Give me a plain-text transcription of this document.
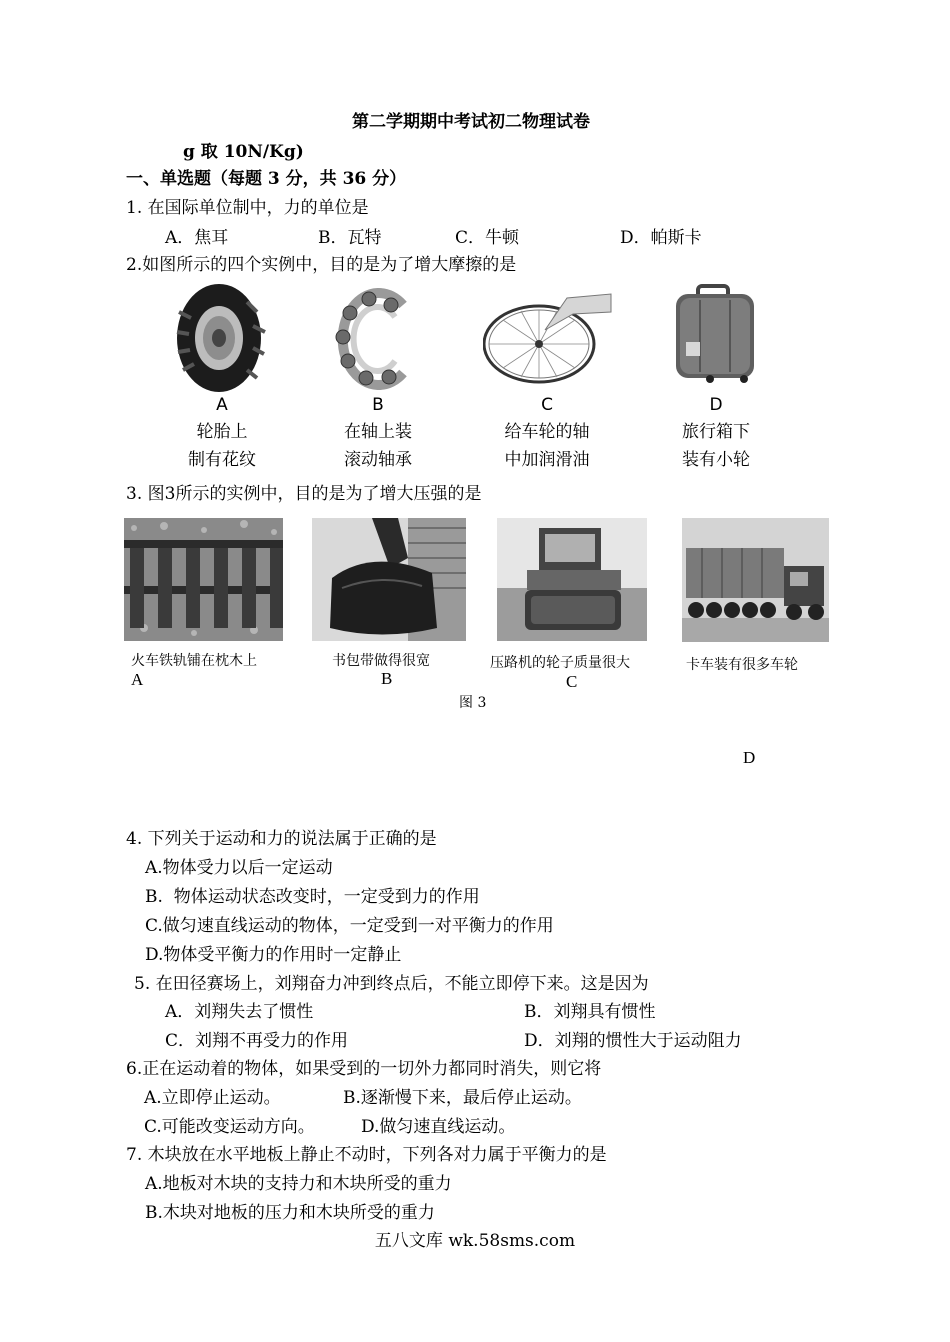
第二学期期中考试初二物理试卷
g 取 10N/Kg)
一、单选题（每题 3 分，共 36 分）
1. 在国际单位制中，力的单位是
A．焦耳	B．瓦特	C．牛顿	D．帕斯卡
2.如图所示的四个实例中，目的是为了增大摩擦的是
A
轮胎上
制有花纹
B
在轴上装
滚动轴承
C
给车轮的轴
中加润滑油
D
旅行箱下
装有小轮
3. 图3所示的实例中，目的是为了增大压强的是
火车铁轨铺在枕木上
A
书包带做得很宽
B
压路机的轮子质量很大
C
卡车装有很多车轮
图 3
D
4. 下列关于运动和力的说法属于正确的是
A.物体受力以后一定运动
B.  物体运动状态改变时，一定受到力的作用
C.做匀速直线运动的物体，一定受到一对平衡力的作用
D.物体受平衡力的作用时一定静止
5. 在田径赛场上，刘翔奋力冲到终点后，不能立即停下来。这是因为
A．刘翔失去了惯性	B．刘翔具有惯性
C．刘翔不再受力的作用	D．刘翔的惯性大于运动阻力
6.正在运动着的物体，如果受到的一切外力都同时消失，则它将
A.立即停止运动。	B.逐渐慢下来，最后停止运动。
C.可能改变运动方向。	D.做匀速直线运动。
7. 木块放在水平地板上静止不动时，下列各对力属于平衡力的是
A.地板对木块的支持力和木块所受的重力
B.木块对地板的压力和木块所受的重力
五八文库 wk.58sms.com
